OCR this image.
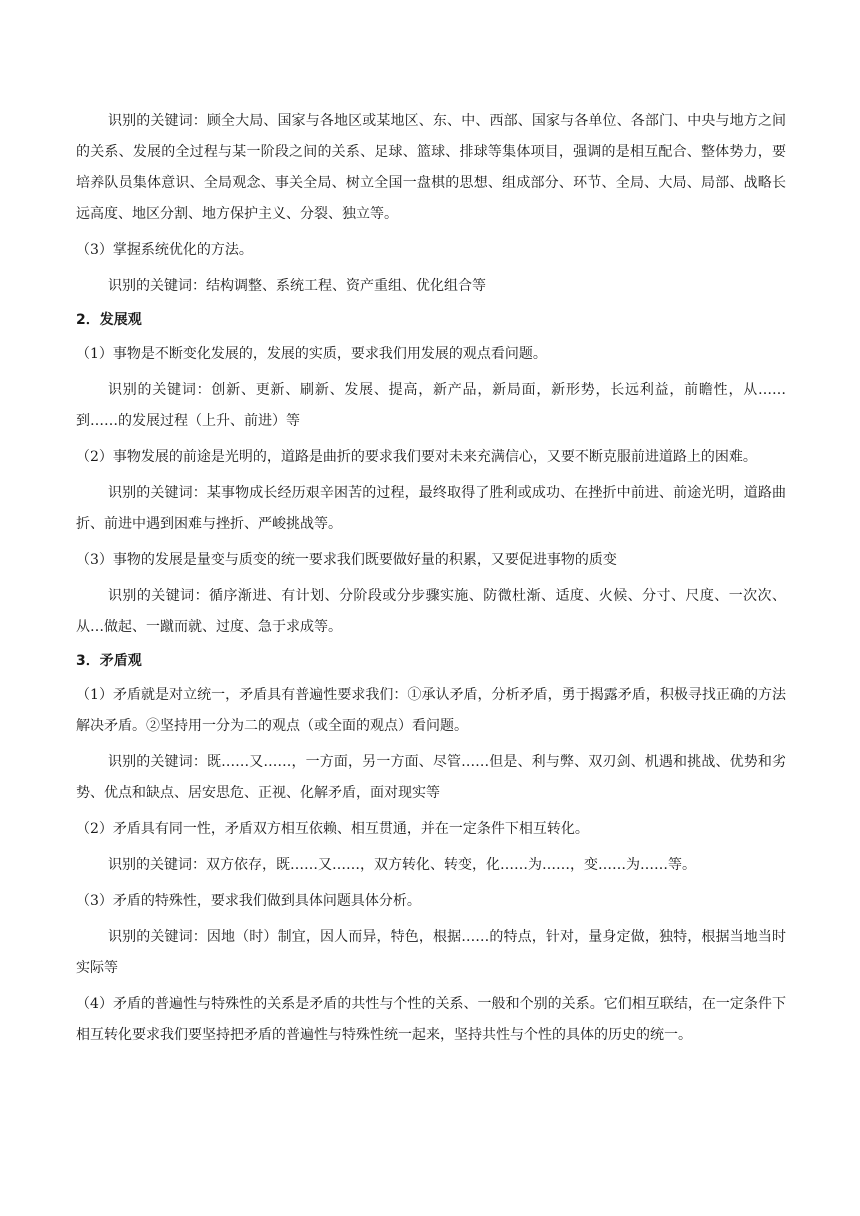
识别的关键词：顾全大局、国家与各地区或某地区、东、中、西部、国家与各单位、各部门、中央与地方之间的关系、发展的全过程与某一阶段之间的关系、足球、篮球、排球等集体项目，强调的是相互配合、整体势力，要培养队员集体意识、全局观念、事关全局、树立全国一盘棋的思想、组成部分、环节、全局、大局、局部、战略长远高度、地区分割、地方保护主义、分裂、独立等。

（3）掌握系统优化的方法。

识别的关键词：结构调整、系统工程、资产重组、优化组合等

2．发展观

（1）事物是不断变化发展的，发展的实质，要求我们用发展的观点看问题。

识别的关键词：创新、更新、刷新、发展、提高，新产品，新局面，新形势，长远利益，前瞻性，从……到……的发展过程（上升、前进）等

（2）事物发展的前途是光明的，道路是曲折的要求我们要对未来充满信心，又要不断克服前进道路上的困难。

识别的关键词：某事物成长经历艰辛困苦的过程，最终取得了胜利或成功、在挫折中前进、前途光明，道路曲折、前进中遇到困难与挫折、严峻挑战等。

（3）事物的发展是量变与质变的统一要求我们既要做好量的积累，又要促进事物的质变

识别的关键词：循序渐进、有计划、分阶段或分步骤实施、防微杜渐、适度、火候、分寸、尺度、一次次、从…做起、一蹴而就、过度、急于求成等。

3．矛盾观

（1）矛盾就是对立统一，矛盾具有普遍性要求我们：①承认矛盾，分析矛盾，勇于揭露矛盾，积极寻找正确的方法解决矛盾。②坚持用一分为二的观点（或全面的观点）看问题。

识别的关键词：既……又……，一方面，另一方面、尽管……但是、利与弊、双刃剑、机遇和挑战、优势和劣势、优点和缺点、居安思危、正视、化解矛盾，面对现实等

（2）矛盾具有同一性，矛盾双方相互依赖、相互贯通，并在一定条件下相互转化。

识别的关键词：双方依存，既……又……，双方转化、转变，化……为……，变……为……等。

（3）矛盾的特殊性，要求我们做到具体问题具体分析。

识别的关键词：因地（时）制宜，因人而异，特色，根据……的特点，针对，量身定做，独特，根据当地当时实际等

（4）矛盾的普遍性与特殊性的关系是矛盾的共性与个性的关系、一般和个别的关系。它们相互联结，在一定条件下相互转化要求我们要坚持把矛盾的普遍性与特殊性统一起来，坚持共性与个性的具体的历史的统一。
